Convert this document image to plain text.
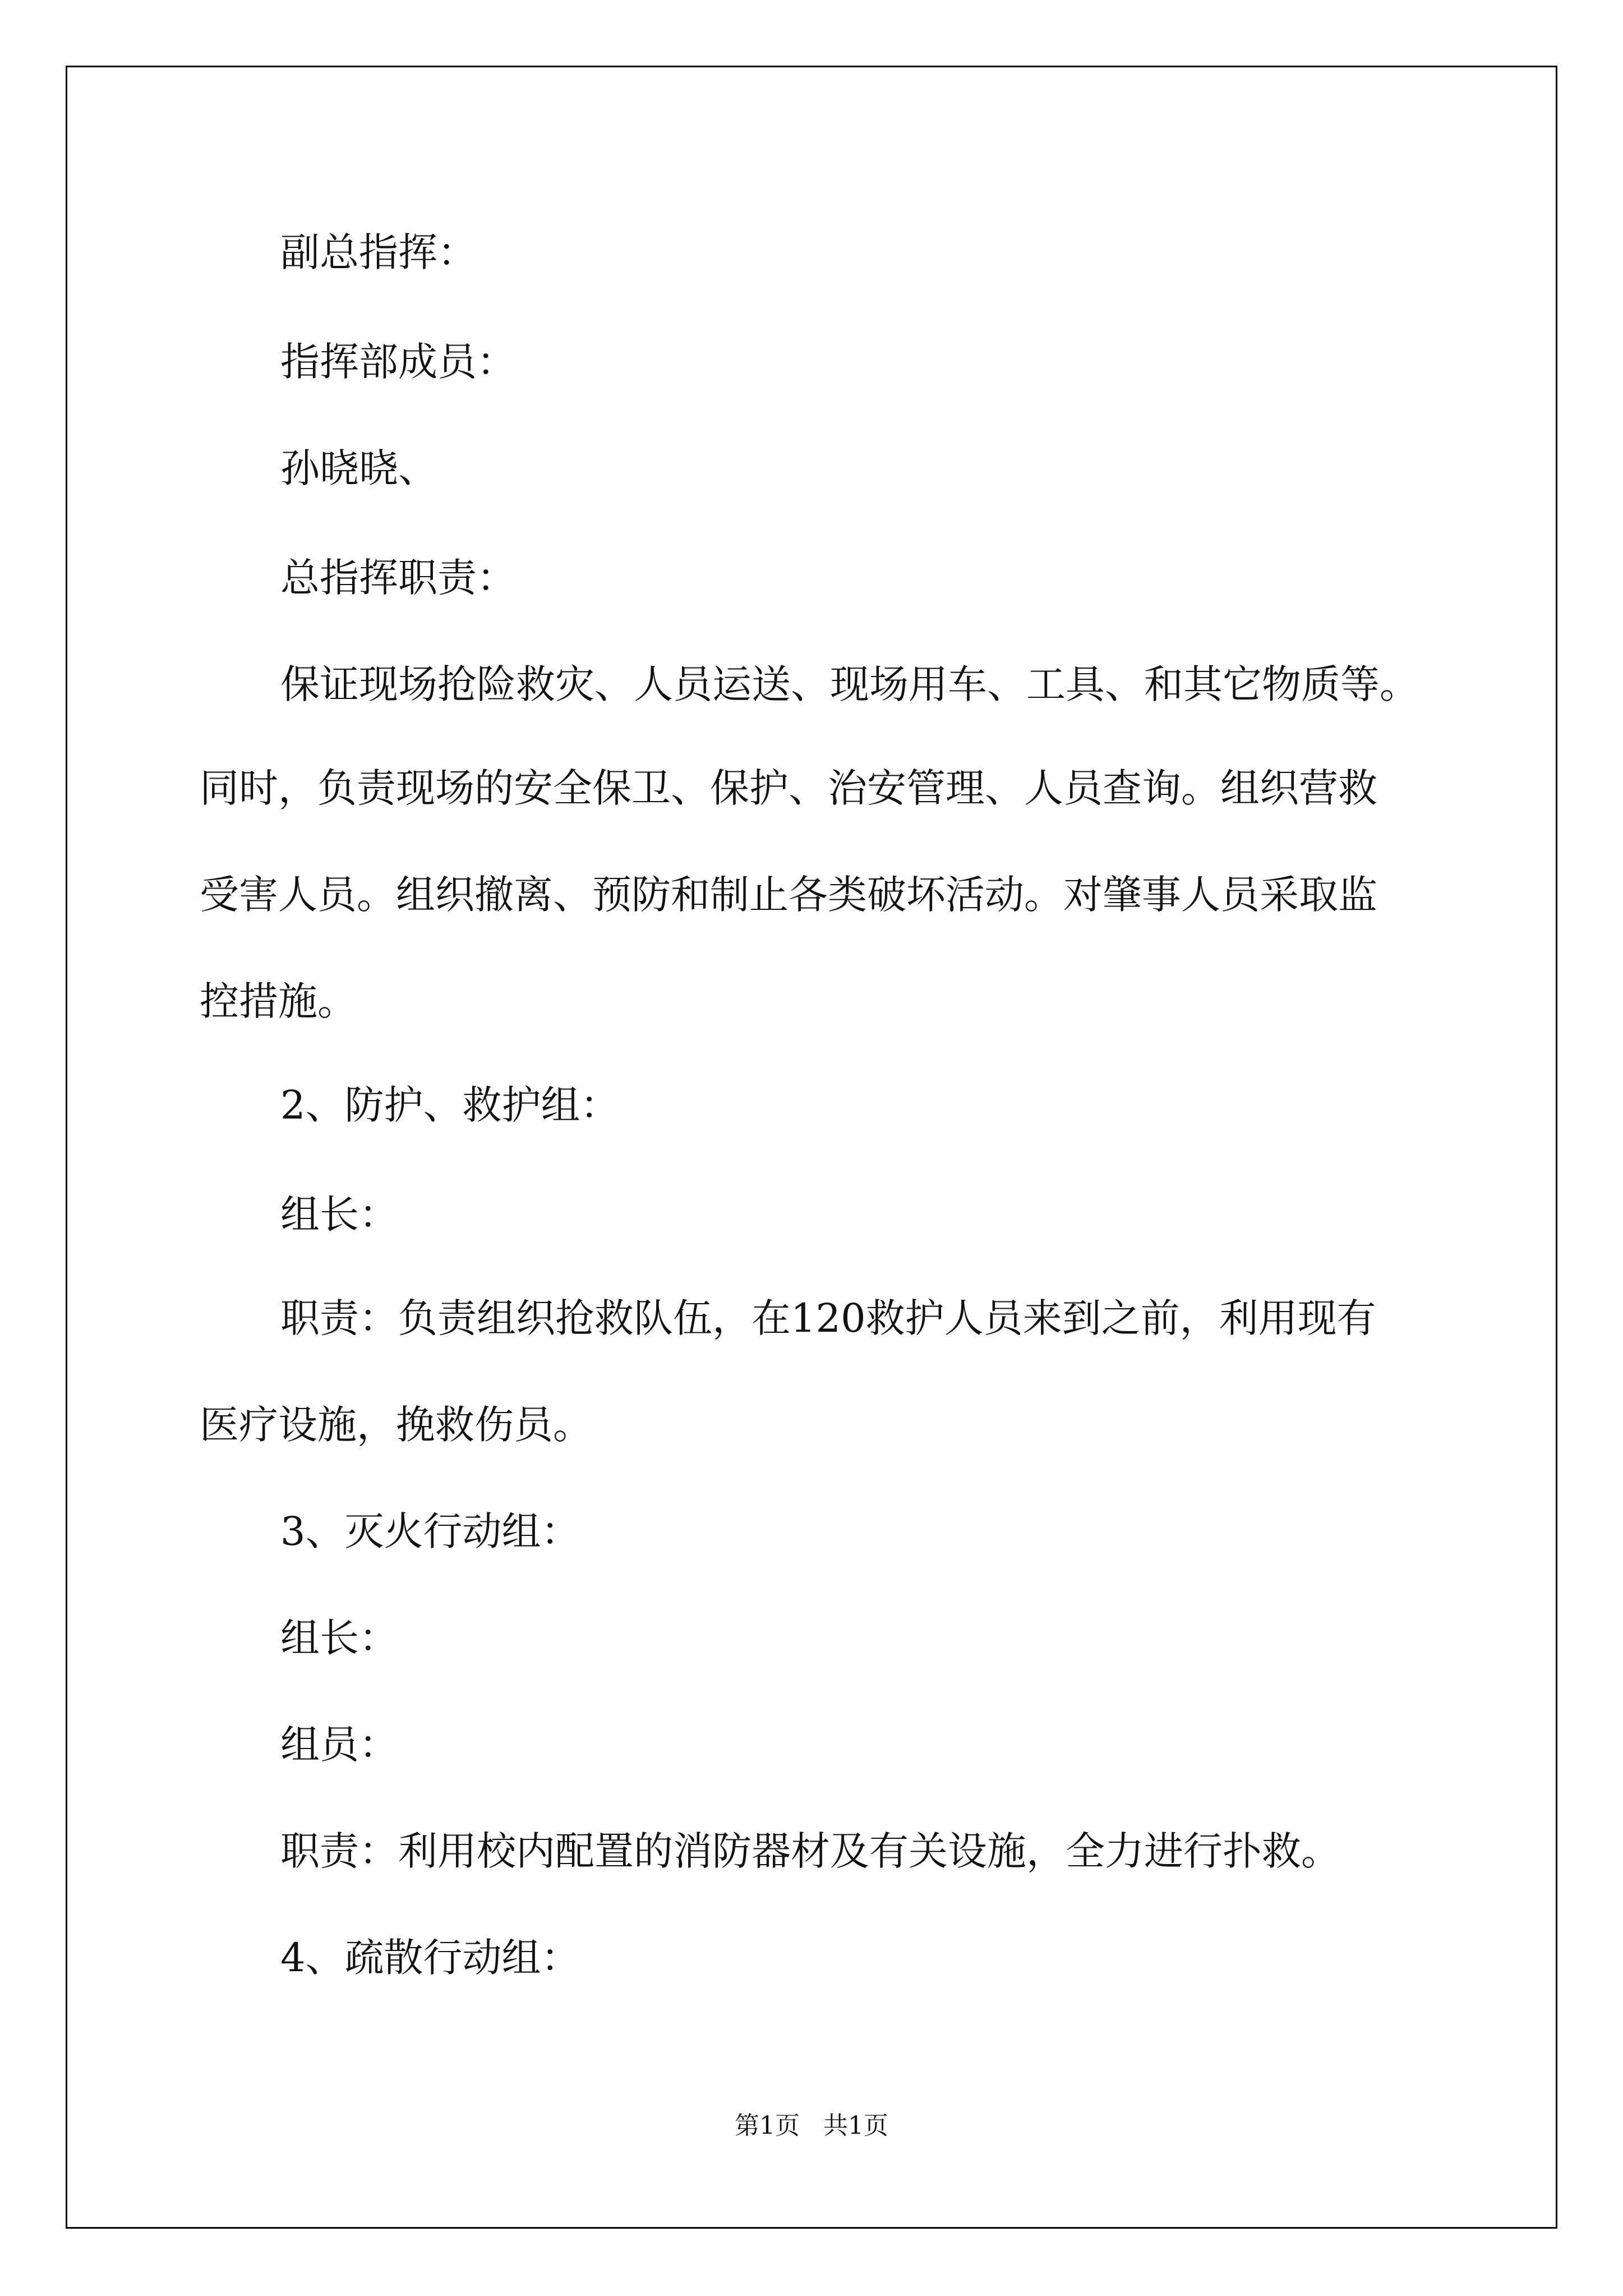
副总指挥：
指挥部成员：
孙晓晓、
总指挥职责：
保证现场抢险救灾、人员运送、现场用车、工具、和其它物质等。
同时，负责现场的安全保卫、保护、治安管理、人员查询。组织营救
受害人员。组织撤离、预防和制止各类破坏活动。对肇事人员采取监
控措施。
2、防护、救护组：
组长：
职责：负责组织抢救队伍，在120救护人员来到之前，利用现有
医疗设施，挽救伤员。
3、灭火行动组：
组长：
组员：
职责：利用校内配置的消防器材及有关设施，全力进行扑救。
4、疏散行动组：
第1页   共1页
